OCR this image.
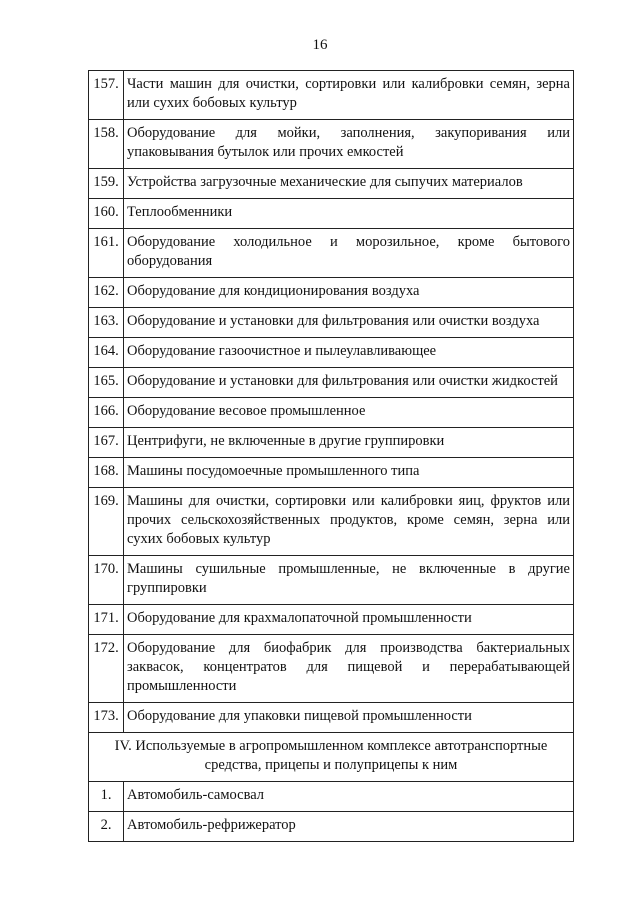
16
157.	Части машин для очистки, сортировки или калибровки семян, зерна или сухих бобовых культур
158.	Оборудование для мойки, заполнения, закупоривания или упаковывания бутылок или прочих емкостей
159.	Устройства загрузочные механические для сыпучих материалов
160.	Теплообменники
161.	Оборудование холодильное и морозильное, кроме бытового оборудования
162.	Оборудование для кондиционирования воздуха
163.	Оборудование и установки для фильтрования или очистки воздуха
164.	Оборудование газоочистное и пылеулавливающее
165.	Оборудование и установки для фильтрования или очистки жидкостей
166.	Оборудование весовое промышленное
167.	Центрифуги, не включенные в другие группировки
168.	Машины посудомоечные промышленного типа
169.	Машины для очистки, сортировки или калибровки яиц, фруктов или прочих сельскохозяйственных продуктов, кроме семян, зерна или сухих бобовых культур
170.	Машины сушильные промышленные, не включенные в другие группировки
171.	Оборудование для крахмалопаточной промышленности
172.	Оборудование для биофабрик для производства бактериальных заквасок, концентратов для пищевой и перерабатывающей промышленности
173.	Оборудование для упаковки пищевой промышленности
IV. Используемые в агропромышленном комплексе автотранспортные средства, прицепы и полуприцепы к ним	
1.	Автомобиль-самосвал
2.	Автомобиль-рефрижератор
